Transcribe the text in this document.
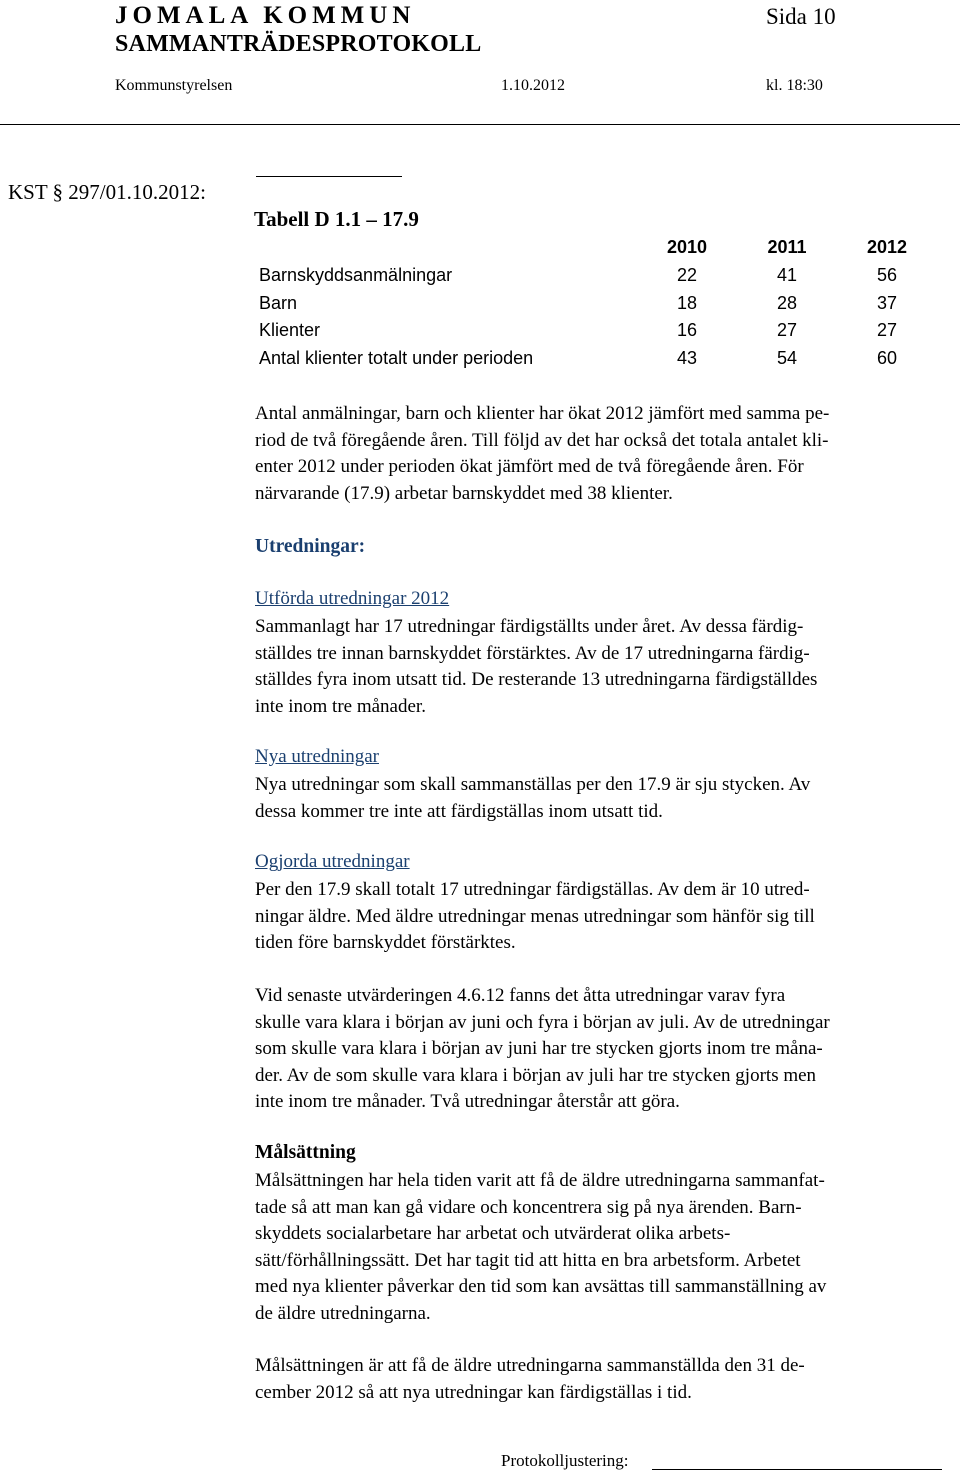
JOMALA KOMMUN	Sida 10
SAMMANTRÄDESPROTOKOLL
Kommunstyrelsen	1.10.2012	kl. 18:30
KST § 297/01.10.2012:
Tabell D 1.1 – 17.9
2010	2011	2012
Barnskyddsanmälningar	22	41	56
Barn	18	28	37
Klienter	16	27	27
Antal klienter totalt under perioden	43	54	60
Antal anmälningar, barn och klienter har ökat 2012 jämfört med samma pe-
riod de två föregående åren. Till följd av det har också det totala antalet kli-
enter 2012 under perioden ökat jämfört med de två föregående åren. För
närvarande (17.9) arbetar barnskyddet med 38 klienter.
Utredningar:
Utförda utredningar 2012
Sammanlagt har 17 utredningar färdigställts under året. Av dessa färdig-
ställdes tre innan barnskyddet förstärktes. Av de 17 utredningarna färdig-
ställdes fyra inom utsatt tid. De resterande 13 utredningarna färdigställdes
inte inom tre månader.
Nya utredningar
Nya utredningar som skall sammanställas per den 17.9 är sju stycken. Av
dessa kommer tre inte att färdigställas inom utsatt tid.
Ogjorda utredningar
Per den 17.9 skall totalt 17 utredningar färdigställas. Av dem är 10 utred-
ningar äldre. Med äldre utredningar menas utredningar som hänför sig till
tiden före barnskyddet förstärktes.
Vid senaste utvärderingen 4.6.12 fanns det åtta utredningar varav fyra
skulle vara klara i början av juni och fyra i början av juli. Av de utredningar
som skulle vara klara i början av juni har tre stycken gjorts inom tre måna-
der. Av de som skulle vara klara i början av juli har tre stycken gjorts men
inte inom tre månader. Två utredningar återstår att göra.
Målsättning
Målsättningen har hela tiden varit att få de äldre utredningarna sammanfat-
tade så att man kan gå vidare och koncentrera sig på nya ärenden. Barn-
skyddets socialarbetare har arbetat och utvärderat olika arbets-
sätt/förhållningssätt. Det har tagit tid att hitta en bra arbetsform. Arbetet
med nya klienter påverkar den tid som kan avsättas till sammanställning av
de äldre utredningarna.
Målsättningen är att få de äldre utredningarna sammanställda den 31 de-
cember 2012 så att nya utredningar kan färdigställas i tid.
Protokolljustering:
